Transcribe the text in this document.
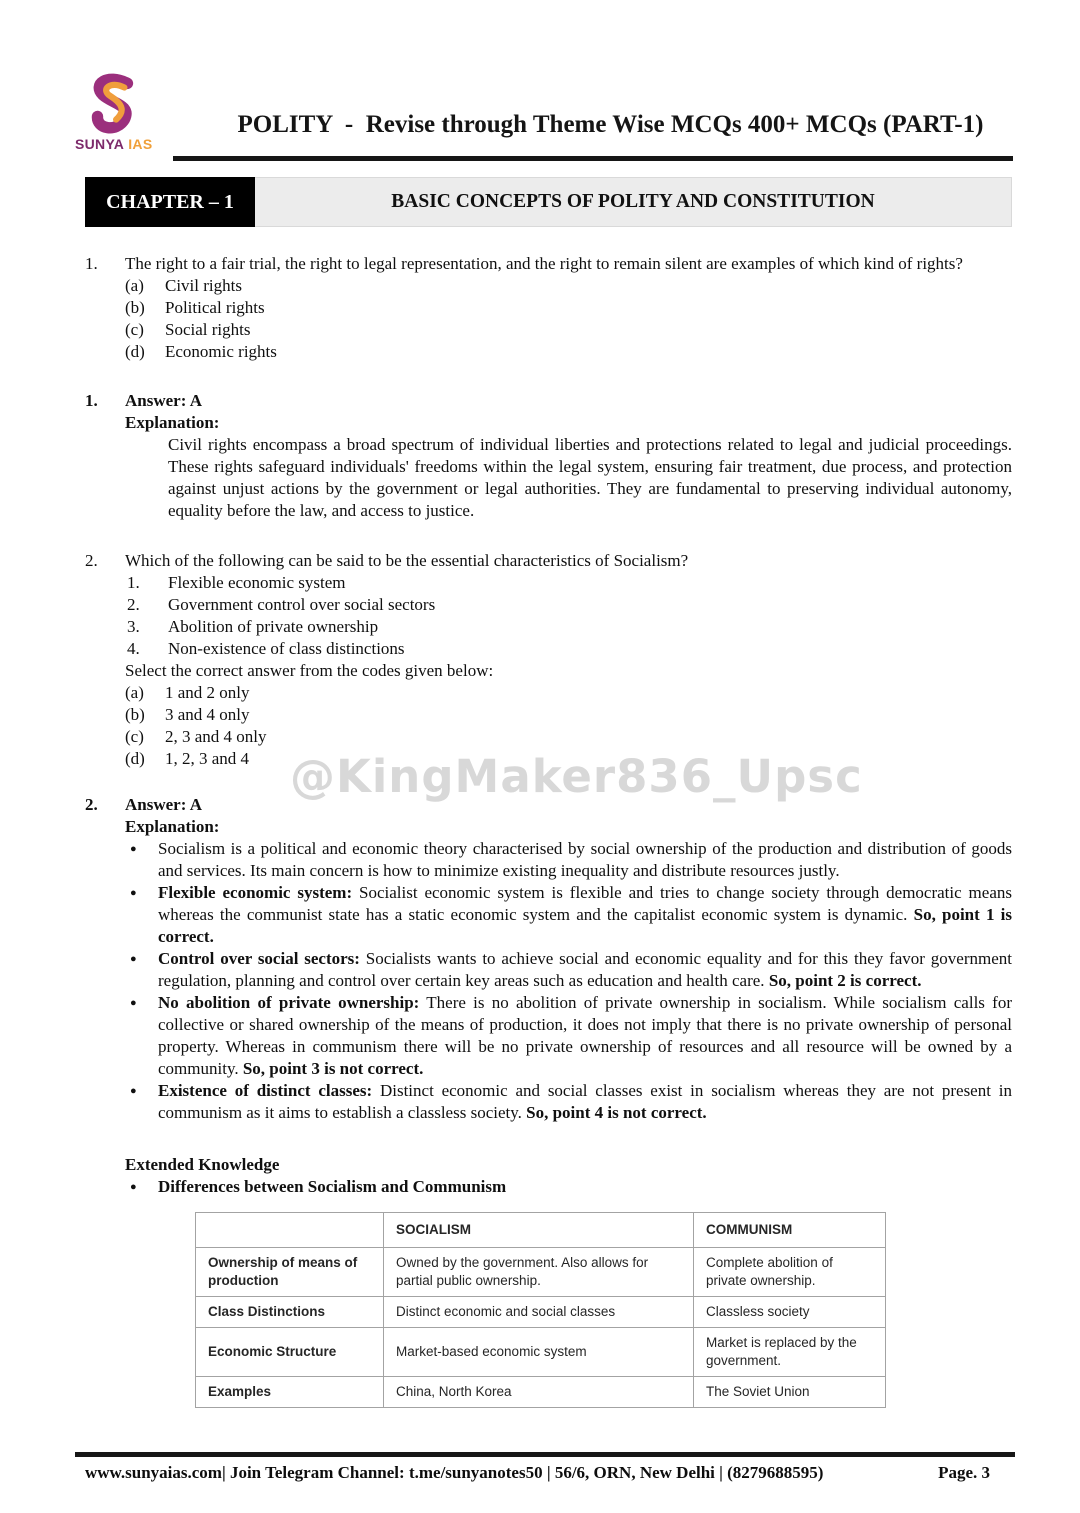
@KingMaker836_Upsc
SUNYA IAS
POLITY  -  Revise through Theme Wise MCQs 400+ MCQs (PART-1)
CHAPTER – 1	BASIC CONCEPTS OF POLITY AND CONSTITUTION
1.	The right to a fair trial, the right to legal representation, and the right to remain silent are examples of which kind of rights?
(a)	Civil rights
(b)	Political rights
(c)	Social rights
(d)	Economic rights
1.	Answer: A
Explanation:
Civil rights encompass a broad spectrum of individual liberties and protections related to legal and judicial proceedings. These rights safeguard individuals' freedoms within the legal system, ensuring fair treatment, due process, and protection against unjust actions by the government or legal authorities. They are fundamental to preserving individual autonomy, equality before the law, and access to justice.
2.	Which of the following can be said to be the essential characteristics of Socialism?
1.	Flexible economic system
2.	Government control over social sectors
3.	Abolition of private ownership
4.	Non-existence of class distinctions
Select the correct answer from the codes given below:
(a)	1 and 2 only
(b)	3 and 4 only
(c)	2, 3 and 4 only
(d)	1, 2, 3 and 4
2.	Answer: A
Explanation:
●
Socialism is a political and economic theory characterised by social ownership of the production and distribution of goods and services. Its main concern is how to minimize existing inequality and distribute resources justly.
●
Flexible economic system: Socialist economic system is flexible and tries to change society through democratic means whereas the communist state has a static economic system and the capitalist economic system is dynamic. So, point 1 is correct.
●
Control over social sectors: Socialists wants to achieve social and economic equality and for this they favor government regulation, planning and control over certain key areas such as education and health care. So, point 2 is correct.
●
No abolition of private ownership: There is no abolition of private ownership in socialism. While socialism calls for collective or shared ownership of the means of production, it does not imply that there is no private ownership of personal property. Whereas in communism there will be no private ownership of resources and all resource will be owned by a community. So, point 3 is not correct.
●
Existence of distinct classes: Distinct economic and social classes exist in socialism whereas they are not present in communism as it aims to establish a classless society. So, point 4 is not correct.
Extended Knowledge
●
Differences between Socialism and Communism
	SOCIALISM	COMMUNISM
Ownership of means of production	Owned by the government. Also allows for partial public ownership.	Complete abolition of private ownership.
Class Distinctions	Distinct economic and social classes	Classless society
Economic Structure	Market-based economic system	Market is replaced by the government.
Examples	China, North Korea	The Soviet Union
www.sunyaias.com| Join Telegram Channel: t.me/sunyanotes50 | 56/6, ORN, New Delhi | (8279688595)	Page. 3
